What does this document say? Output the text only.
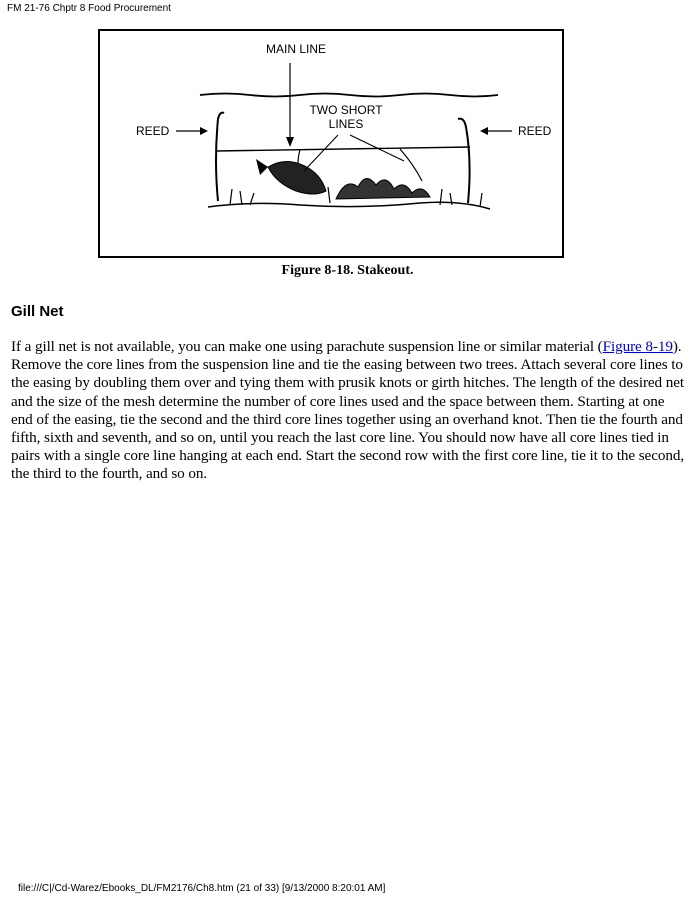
FM 21-76 Chptr 8 Food Procurement
MAIN LINE
TWO SHORT
LINES
REED	REED
Figure 8-18. Stakeout.
Gill Net

If a gill net is not available, you can make one using parachute suspension line or similar material (Figure 8-19). Remove the core lines from the suspension line and tie the easing between two trees. Attach several core lines to the easing by doubling them over and tying them with prusik knots or girth hitches. The length of the desired net and the size of the mesh determine the number of core lines used and the space between them. Starting at one end of the easing, tie the second and the third core lines together using an overhand knot. Then tie the fourth and fifth, sixth and seventh, and so on, until you reach the last core line. You should now have all core lines tied in pairs with a single core line hanging at each end. Start the second row with the first core line, tie it to the second, the third to the fourth, and so on.

file:///C|/Cd-Warez/Ebooks_DL/FM2176/Ch8.htm (21 of 33) [9/13/2000 8:20:01 AM]
